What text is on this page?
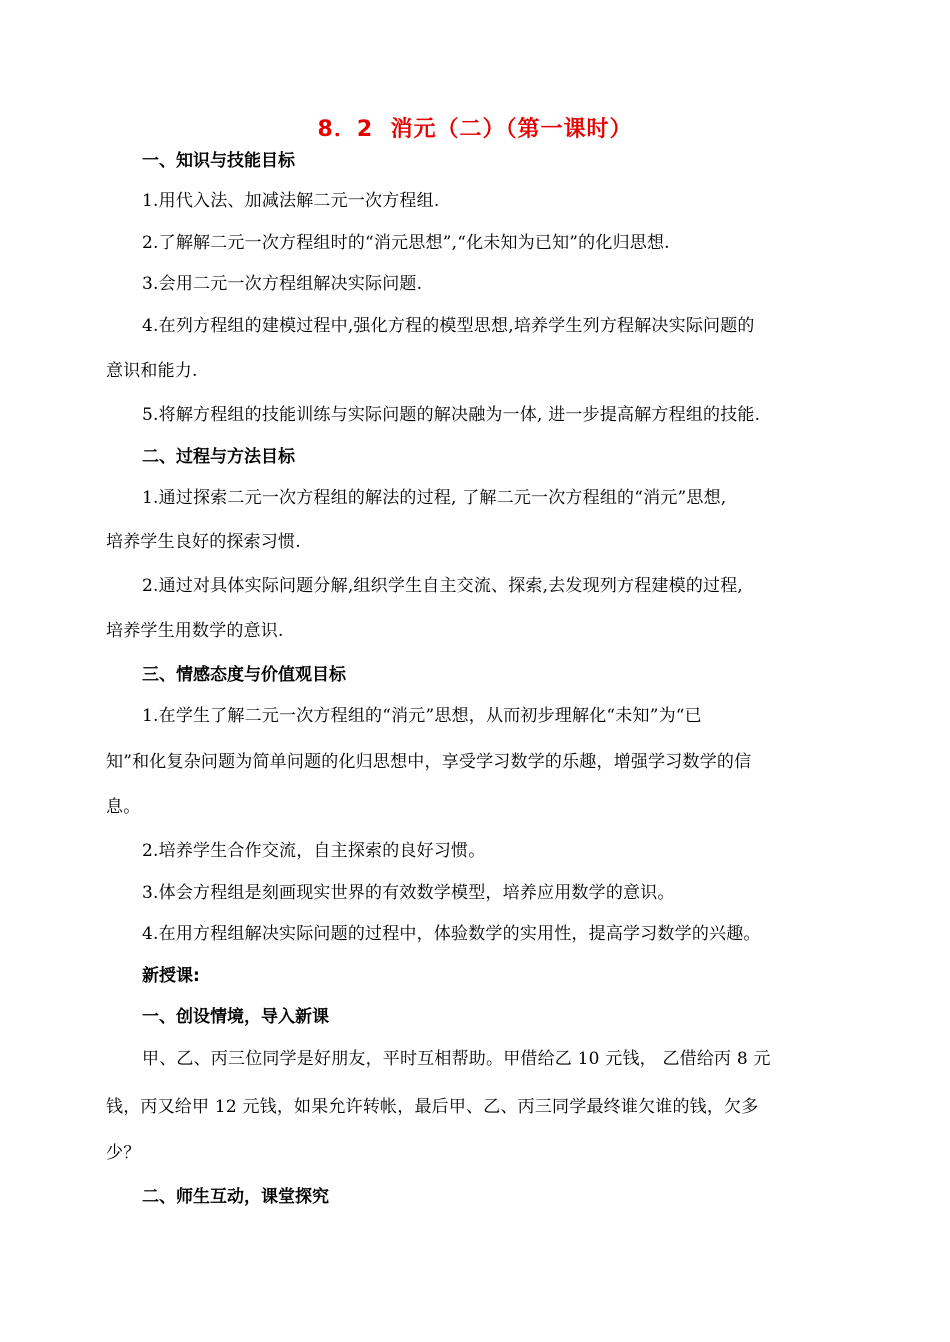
8．2  消元（二）（第一课时）
一、知识与技能目标
1.用代入法、加减法解二元一次方程组.
2.了解解二元一次方程组时的“消元思想”,“化未知为已知”的化归思想.
3.会用二元一次方程组解决实际问题.
4.在列方程组的建模过程中,强化方程的模型思想,培养学生列方程解决实际问题的
意识和能力.
5.将解方程组的技能训练与实际问题的解决融为一体, 进一步提高解方程组的技能.
二、过程与方法目标
1.通过探索二元一次方程组的解法的过程, 了解二元一次方程组的“消元”思想,
培养学生良好的探索习惯.
2.通过对具体实际问题分解,组织学生自主交流、探索,去发现列方程建模的过程,
培养学生用数学的意识.
三、情感态度与价值观目标
1.在学生了解二元一次方程组的“消元”思想，从而初步理解化“未知”为“已
知”和化复杂问题为简单问题的化归思想中，享受学习数学的乐趣，增强学习数学的信
息。
2.培养学生合作交流，自主探索的良好习惯。
3.体会方程组是刻画现实世界的有效数学模型，培养应用数学的意识。
4.在用方程组解决实际问题的过程中，体验数学的实用性，提高学习数学的兴趣。
新授课:
一、创设情境，导入新课
甲、乙、丙三位同学是好朋友，平时互相帮助。甲借给乙 10 元钱， 乙借给丙 8 元
钱，丙又给甲 12 元钱，如果允许转帐，最后甲、乙、丙三同学最终谁欠谁的钱，欠多
少？
二、师生互动，课堂探究
